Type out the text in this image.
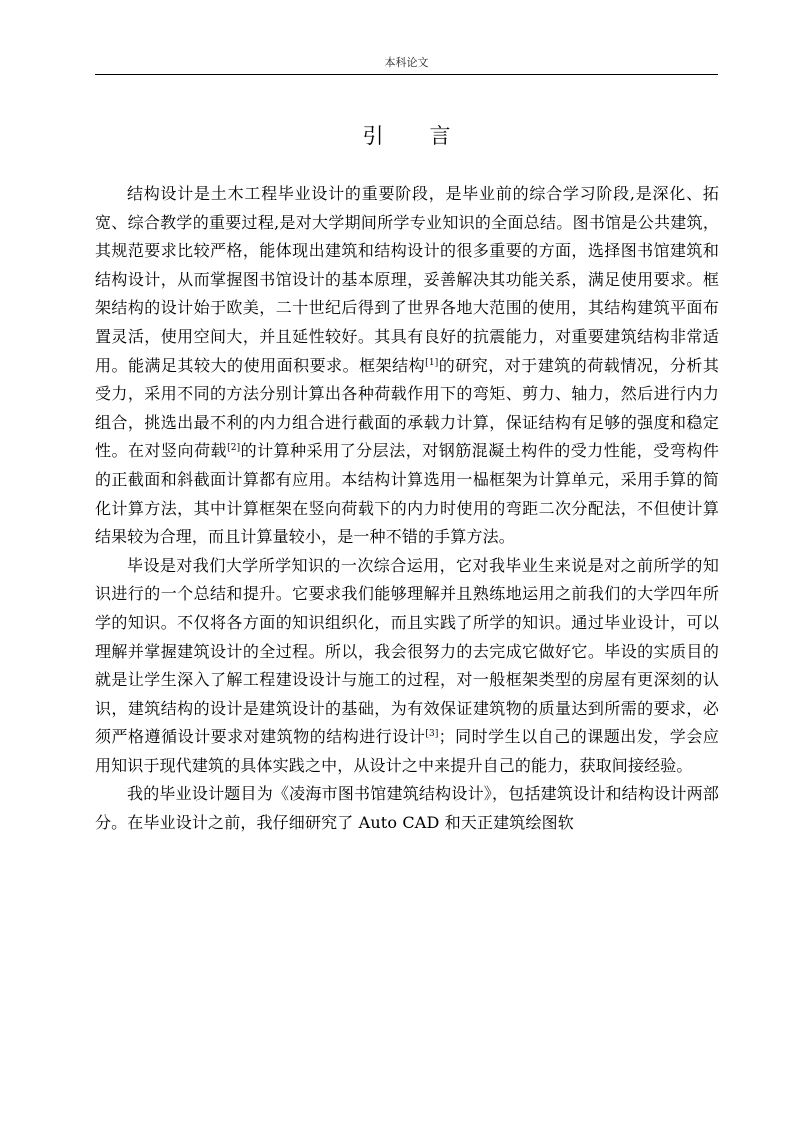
本科论文
引 言

结构设计是土木工程毕业设计的重要阶段，是毕业前的综合学习阶段,是深化、拓宽、综合教学的重要过程,是对大学期间所学专业知识的全面总结。图书馆是公共建筑，其规范要求比较严格，能体现出建筑和结构设计的很多重要的方面，选择图书馆建筑和结构设计，从而掌握图书馆设计的基本原理，妥善解决其功能关系，满足使用要求。框架结构的设计始于欧美，二十世纪后得到了世界各地大范围的使用，其结构建筑平面布置灵活，使用空间大，并且延性较好。其具有良好的抗震能力，对重要建筑结构非常适用。能满足其较大的使用面积要求。框架结构[1]的研究，对于建筑的荷载情况，分析其受力，采用不同的方法分别计算出各种荷载作用下的弯矩、剪力、轴力，然后进行内力组合，挑选出最不利的内力组合进行截面的承载力计算，保证结构有足够的强度和稳定性。在对竖向荷载[2]的计算种采用了分层法，对钢筋混凝土构件的受力性能，受弯构件的正截面和斜截面计算都有应用。本结构计算选用一榀框架为计算单元，采用手算的简化计算方法，其中计算框架在竖向荷载下的内力时使用的弯距二次分配法，不但使计算结果较为合理，而且计算量较小，是一种不错的手算方法。

毕设是对我们大学所学知识的一次综合运用，它对我毕业生来说是对之前所学的知识进行的一个总结和提升。它要求我们能够理解并且熟练地运用之前我们的大学四年所学的知识。不仅将各方面的知识组织化，而且实践了所学的知识。通过毕业设计，可以理解并掌握建筑设计的全过程。所以，我会很努力的去完成它做好它。毕设的实质目的就是让学生深入了解工程建设设计与施工的过程，对一般框架类型的房屋有更深刻的认识，建筑结构的设计是建筑设计的基础，为有效保证建筑物的质量达到所需的要求，必须严格遵循设计要求对建筑物的结构进行设计[3]；同时学生以自己的课题出发，学会应用知识于现代建筑的具体实践之中，从设计之中来提升自己的能力，获取间接经验。

我的毕业设计题目为《凌海市图书馆建筑结构设计》，包括建筑设计和结构设计两部分。在毕业设计之前，我仔细研究了 Auto CAD 和天正建筑绘图软
